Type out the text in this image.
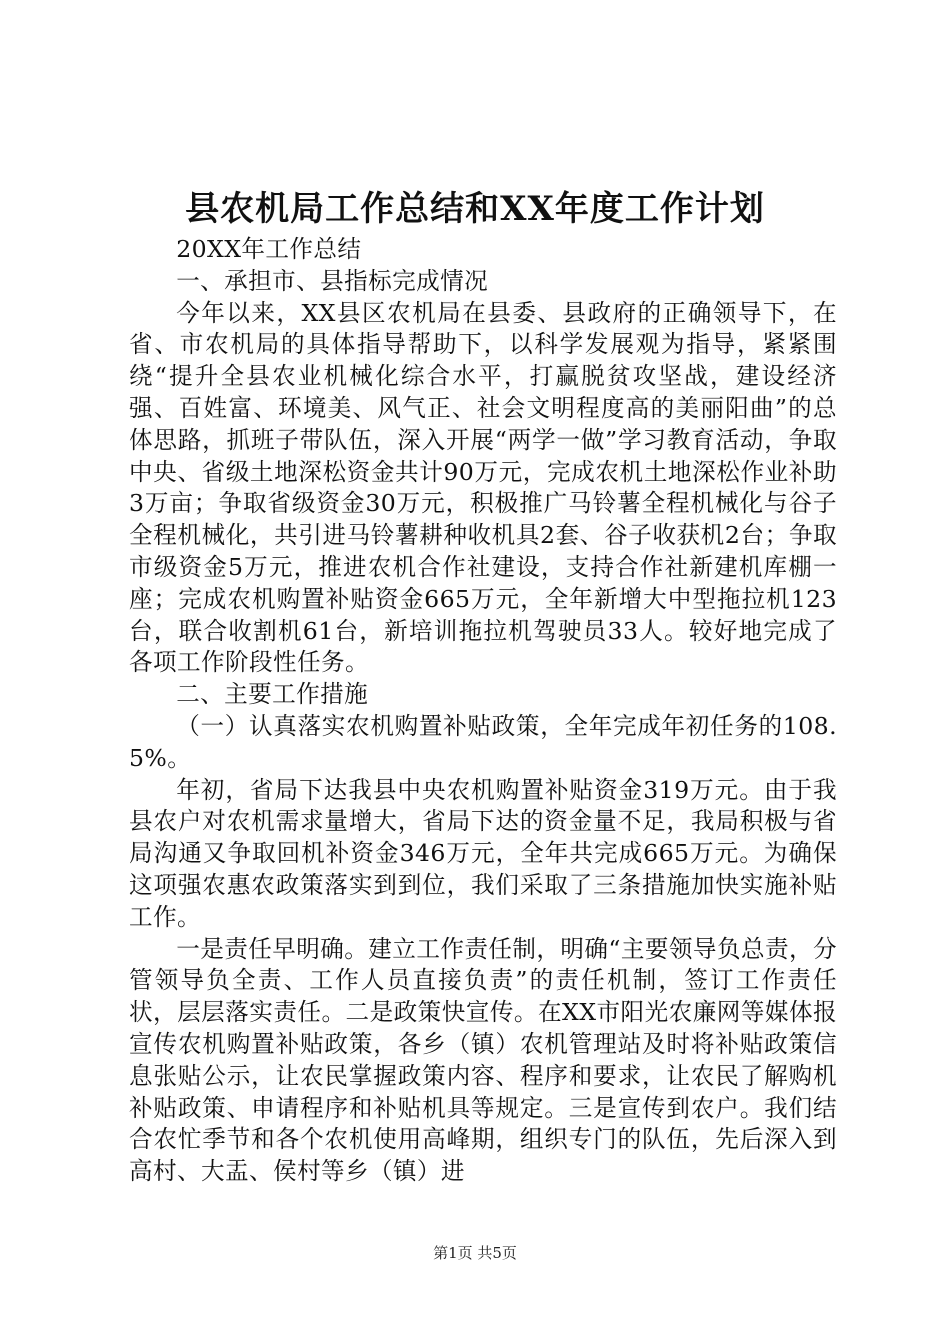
县农机局工作总结和XX年度工作计划

20XX年工作总结

一、承担市、县指标完成情况

今年以来，XX县区农机局在县委、县政府的正确领导下，在省、市农机局的具体指导帮助下，以科学发展观为指导，紧紧围绕“提升全县农业机械化综合水平，打赢脱贫攻坚战，建设经济强、百姓富、环境美、风气正、社会文明程度高的美丽阳曲”的总体思路，抓班子带队伍，深入开展“两学一做”学习教育活动，争取中央、省级土地深松资金共计90万元，完成农机土地深松作业补助3万亩；争取省级资金30万元，积极推广马铃薯全程机械化与谷子全程机械化，共引进马铃薯耕种收机具2套、谷子收获机2台；争取市级资金5万元，推进农机合作社建设，支持合作社新建机库棚一座；完成农机购置补贴资金665万元，全年新增大中型拖拉机123台，联合收割机61台，新培训拖拉机驾驶员33人。较好地完成了各项工作阶段性任务。

二、主要工作措施

（一）认真落实农机购置补贴政策，全年完成年初任务的108.5%。

年初，省局下达我县中央农机购置补贴资金319万元。由于我县农户对农机需求量增大，省局下达的资金量不足，我局积极与省局沟通又争取回机补资金346万元，全年共完成665万元。为确保这项强农惠农政策落实到到位，我们采取了三条措施加快实施补贴工作。

一是责任早明确。建立工作责任制，明确“主要领导负总责，分管领导负全责、工作人员直接负责”的责任机制，签订工作责任状，层层落实责任。二是政策快宣传。在XX市阳光农廉网等媒体报宣传农机购置补贴政策，各乡（镇）农机管理站及时将补贴政策信息张贴公示，让农民掌握政策内容、程序和要求，让农民了解购机补贴政策、申请程序和补贴机具等规定。三是宣传到农户。我们结合农忙季节和各个农机使用高峰期，组织专门的队伍，先后深入到高村、大盂、侯村等乡（镇）进

第1页 共5页
